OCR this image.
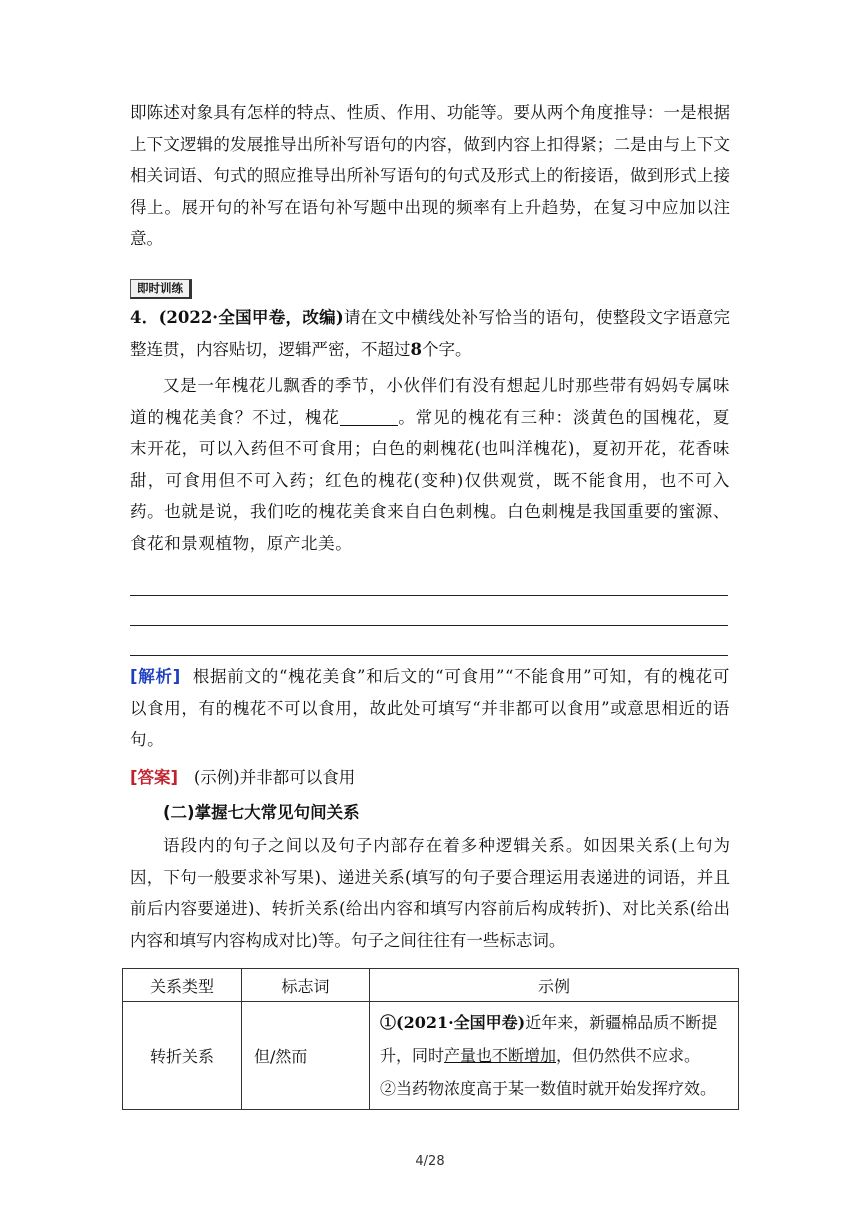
即陈述对象具有怎样的特点、性质、作用、功能等。要从两个角度推导：一是根据上下文逻辑的发展推导出所补写语句的内容，做到内容上扣得紧；二是由与上下文相关词语、句式的照应推导出所补写语句的句式及形式上的衔接语，做到形式上接得上。展开句的补写在语句补写题中出现的频率有上升趋势，在复习中应加以注意。

即时训练

4．(2022·全国甲卷，改编)请在文中横线处补写恰当的语句，使整段文字语意完整连贯，内容贴切，逻辑严密，不超过8个字。

又是一年槐花儿飘香的季节，小伙伴们有没有想起儿时那些带有妈妈专属味道的槐花美食？不过，槐花	。常见的槐花有三种：淡黄色的国槐花，夏末开花，可以入药但不可食用；白色的刺槐花(也叫洋槐花)，夏初开花，花香味甜，可食用但不可入药；红色的槐花(变种)仅供观赏，既不能食用，也不可入药。也就是说，我们吃的槐花美食来自白色刺槐。白色刺槐是我国重要的蜜源、食花和景观植物，原产北美。

[解析] 根据前文的“槐花美食”和后文的“可食用”“不能食用”可知，有的槐花可以食用，有的槐花不可以食用，故此处可填写“并非都可以食用”或意思相近的语句。

[答案] (示例)并非都可以食用

(二)掌握七大常见句间关系

语段内的句子之间以及句子内部存在着多种逻辑关系。如因果关系(上句为因，下句一般要求补写果)、递进关系(填写的句子要合理运用表递进的词语，并且前后内容要递进)、转折关系(给出内容和填写内容前后构成转折)、对比关系(给出内容和填写内容构成对比)等。句子之间往往有一些标志词。

关系类型	标志词	示例
转折关系	但/然而	①(2021·全国甲卷)近年来，新疆棉品质不断提升，同时产量也不断增加，但仍然供不应求。
②当药物浓度高于某一数值时就开始发挥疗效。
4/28
